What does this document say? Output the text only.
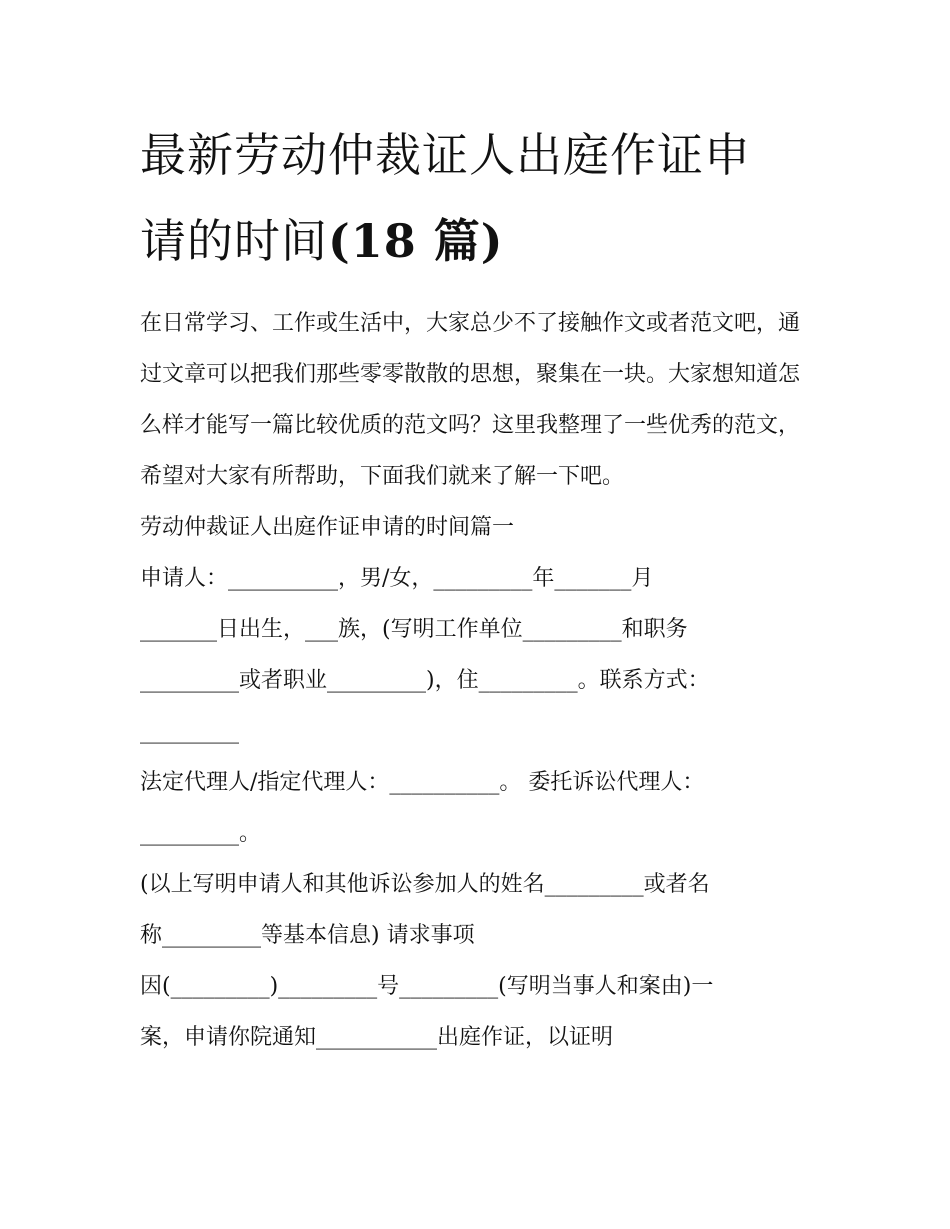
最新劳动仲裁证人出庭作证申
请的时间(18 篇)

在日常学习、工作或生活中，大家总少不了接触作文或者范文吧，通过文章可以把我们那些零零散散的思想，聚集在一块。大家想知道怎么样才能写一篇比较优质的范文吗？这里我整理了一些优秀的范文，希望对大家有所帮助，下面我们就来了解一下吧。

劳动仲裁证人出庭作证申请的时间篇一

申请人：__________，男/女，_________年_______月
_______日出生，___族，(写明工作单位_________和职务
_________或者职业_________)，住_________。联系方式：
_________
法定代理人/指定代理人：__________。 委托诉讼代理人：
_________。
(以上写明申请人和其他诉讼参加人的姓名_________或者名
称_________等基本信息) 请求事项
因(_________)_________号_________(写明当事人和案由)一
案，申请你院通知___________出庭作证，以证明
